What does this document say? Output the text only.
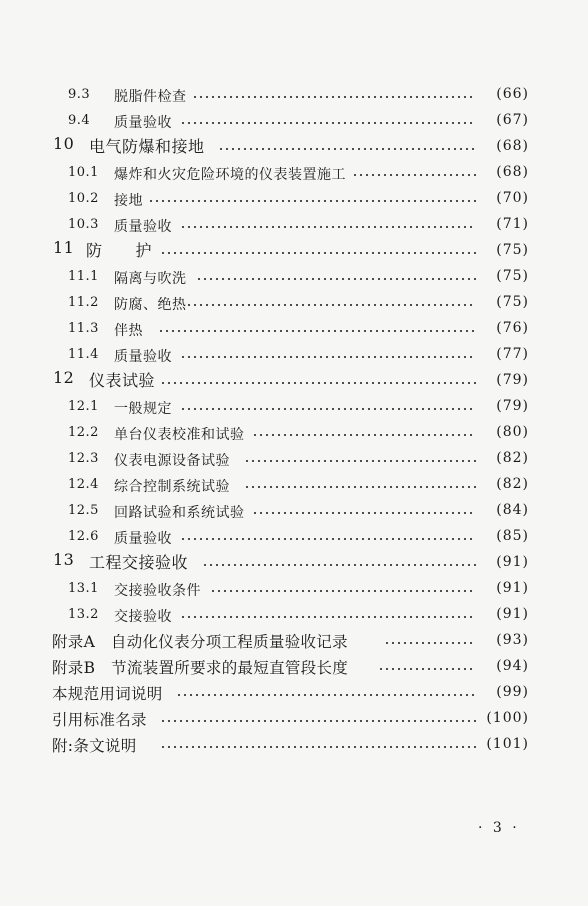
9.3 脱脂件检查	(66)
9.4 质量验收	(67)
10 电气防爆和接地	(68)
10.1 爆炸和火灾危险环境的仪表装置施工	(68)
10.2 接地	(70)
10.3 质量验收	(71)
11 防　　护	(75)
11.1 隔离与吹洗	(75)
11.2 防腐、绝热	(75)
11.3 伴热	(76)
11.4 质量验收	(77)
12 仪表试验	(79)
12.1 一般规定	(79)
12.2 单台仪表校准和试验	(80)
12.3 仪表电源设备试验	(82)
12.4 综合控制系统试验	(82)
12.5 回路试验和系统试验	(84)
12.6 质量验收	(85)
13 工程交接验收	(91)
13.1 交接验收条件	(91)
13.2 交接验收	(91)
附录A　自动化仪表分项工程质量验收记录	(93)
附录B　节流装置所要求的最短直管段长度	(94)
本规范用词说明	(99)
引用标准名录	(100)
附:条文说明	(101)
· 3 ·
